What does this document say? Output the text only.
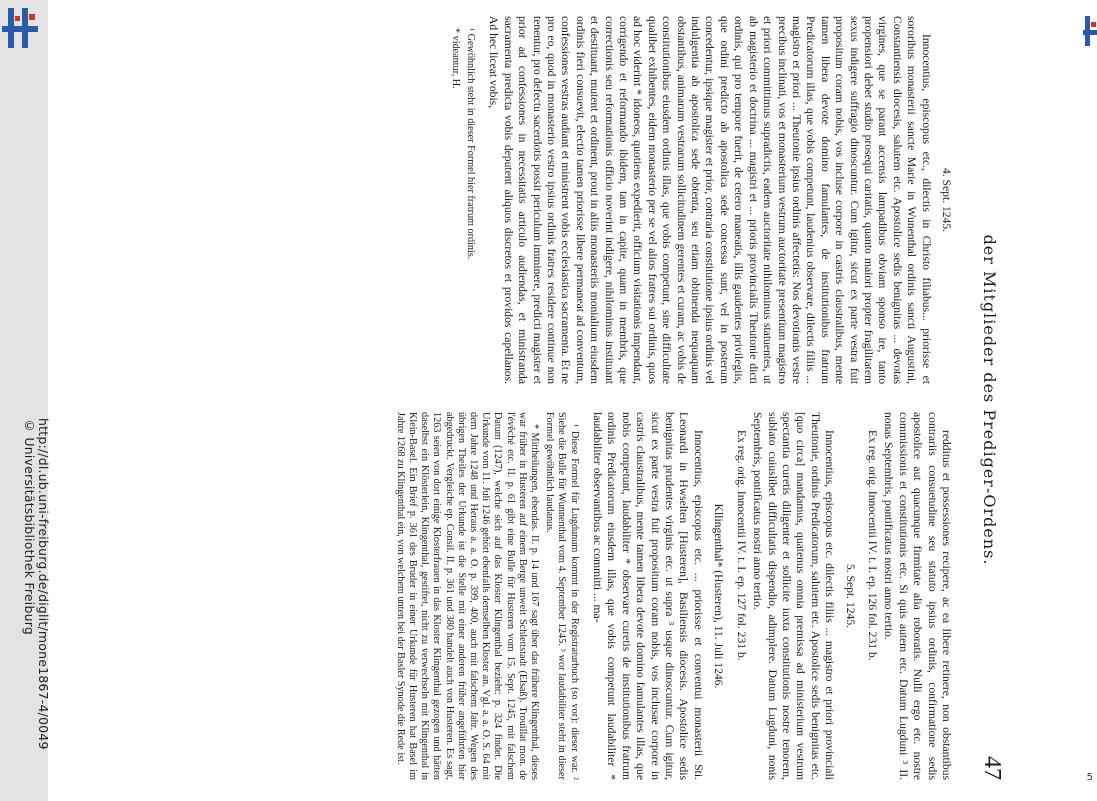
© Universitätsbibliothek Freiburg http://dl.ub.uni-freiburg.de/diglit/mone1867-4/0049
5
der Mitglieder des Prediger-Ordens.
47
4. Sept. 1245.

Innocentius, episcopus etc., dilectis in Christo filiabus... priorisse et sororibus monasterii sancte Marie in Wunenthal ordinis sancti Augustini, Constantiensis diocesis, salutem etc. Apostolice sedis benignitas ... devotas virgines, que se parant accensis lampadibus obviam sponso ire, tanto propensiori debet studio prosequi caritatis, quanto maiori propter fragilitatem sexus indigere suffragio dinoscuntur. Cum igitur, sicut ex parte vestra fuit propositum coram nobis, vos incluse corpore in castris claustralibus, mente tamen libera devote domino famulantes, de institutionibus fratrum Predicatorum illas, que vobis competunt, laudenius observare, dilectis filiis ... magistro et priori ... Theutonie ipsius ordinis affectetis: Nos devotionis vestre precibus inclinati, vos et monasterium vestrum auctoritate presentium magistro et priori committimus supradictis, eadem auctoritate nihilominus statuentes, ut ab magisterio et doctrina ... magistri et ... prioris provincialis Theutonie dicti ordinis, qui pro tempore fuerit, de cetero maneatis, illis gaudentes privilegiis, que ordini predicto ab apostolica sede concessa sunt, vel in posterum concedentur, ipsique magister et prior, contraria constitutione ipsius ordinis vel indulgentia ab apostolica sede obtenta, seu etiam obtinenda nequaquam obstantibus, animarum vestrarum sollicitudinem gerentes et curam, ac vobis de constitutionibus eiusdem ordinis illas, que vobis competunt, sine difficultate qualibet exhibentes, eidem monasterio per se vel alios fratres sui ordinis, quos ad hoc viderint * idoneos, quotiens expedierit, officium visitationis impendant, corrigendo et reformando ibidem, tam in capite, quam in membris, que correctionis seu reformationis officio noverint indigere, nihilominus instituant et destituant, mutent et ordinent, prout in aliis monasteriis monialium eiusdem ordinis fieri consuevit, electio tamen priorisse libere permaneat ad conventum, confessiones vestras audiant et ministrent vobis ecclesiastica sacramenta. Et ne pro eo, quod in monasterio vestro ipsius ordinis fratres residere continue non tenentur, pro defectu sacerdotis possit periculum imminere, predicti magister et prior ad confessiones in necessitatis articulo audiendas, et ministranda sacramenta predicta vobis deputent aliquos discretos et providos capellanos. Ad hec liceat vobis,

¹ Gewöhnlich steht in dieser Formel hier fratrum ordinis.

* videantur, H.

redditus et possessiones recipere, ac ea libere retinere, non obstantibus contrariis consuetudine seu statuto ipsius ordinis, confirmatione sedis apostolice aut quacunque firmitate alia roboratis. Nulli ergo etc. nostre commissionis et constitutionis etc. Si quis autem etc. Datum Lugduni ³ II. nonas Septembris, pontificatus nostri anno tertio.

Ex reg. orig. Innocentii IV. t. I. ep. 126 fol. 231 b.

5. Sept. 1245.

Innocentius, episcopus etc. dilectis filiis ... magistro et priori provinciali Theutonie, ordinis Predicatorum, salutem etc. Apostolice sedis benignitas etc. [quo circa] mandamus, quatenus omnia premissa ad ministerium vestrum spectantia curetis diligenter et sollicite iuxta constitutionis nostre tenorem, sublato cuiuslibet difficultatis dispendio, adimplere. Datum Lugduni, nonis Septembris, pontificatus nostri anno tertio.

Ex reg. orig. Innocentii IV. t. I. ep. 127 fol. 231 b.

Kllingenthal* (Husteren), 11. Juli 1246.

Innocentius, episcopus etc. ... priorisse et conventui monasterii Sti. Leonardi in Hwselten [Husteren], Basiliensis diocesis. Apostolice sedis benignitas prudentes virginis etc. ut supra ³ usque dinoscuntur. Cum igitur, sicut ex parte vestra fuit propositum coram nobis, vos inclusae corpore in castris claustralibus, mente tamen libera devote domino famulantes illas, que nobis competunt, laudabiliter * observare curetis de institutionibus fratrum ordinis Predicatorum eiusdem illas, que vobis competunt laudabiliter * laudabiliter observantibus ac committi ... ma-

¹ Diese Formel für Lugdunum kommt in der Registraturbuch (so vor): dieser war. ² Siehe die Bulle für Wunnenthal vom 4. September 1245. ³ wor laudabiliter steht in dieser Formel gewöhnlich laudanus.

* Mittheilungen, ebendas. II. p. 14 und 167 sagt über das frühere Klingenthal, dieses war früher in Husteren auf einem Berge unweit Schlettstadt (Elsaß). Trouillat mon. de l'évêché etc. II. p. 61 gibt eine Bulle für Husteren vom 15. Sept. 1245, mit falschem Datum (1247), welche sich auf das Kloster Klingenthal bezieht: p. 324 findet. Die Urkunde vom 11. Juli 1246 gehört ebenfalls demselben Kloster an. Vgl. a. a. O. S. 64 mit dem Jahre 1248 und Heraus a. a. O. p. 399, 400, auch mit falschem Jahr. Wegen des übrigen Theiles der Urkunde ist die Stelle mit einer anderen früher angeführten hier abgedruckt. Vergleiche ep. Consil. II. p. 361 und 380 handelt auch von Husteren. Es sagt, 1263 seien von dort einige Klosterfrauen in das Kloster Klingenthal gezogen und hätten daselbst ein Klösterlein, Klingenthal, gestiftet, nicht zu verwechseln mit Klingenthal in Klein-Basel. Ein Brief p. 361 des Bruder in einer Urkunde für Husteren hat Basel im Jahre 1268 zu Klingenthal ein, von welchem unten bei der Basler Synode die Rede ist.
